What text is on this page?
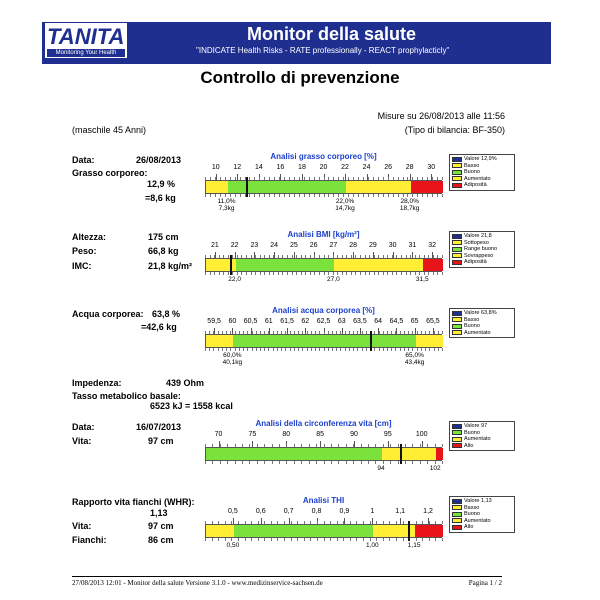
TANITA
Monitoring Your Health
Monitor della salute
"INDICATE Health Risks - RATE professionally - REACT prophylacticly"
Controllo di prevenzione
Misure su 26/08/2013 alle 11:56
(Tipo di bilancia: BF-350)
(maschile 45 Anni)
Data:	26/08/2013
Grasso corporeo:
12,9 %
=8,6 kg
Valore 12,9%
Basso
Buono
Aumentato
Adiposità
Altezza:	175 cm
Peso:	66,8 kg
IMC:	21,8 kg/m²
Valore 21,8
Sottopeso
Range buono
Sovrappeso
Adiposità
Acqua corporea: 63,8 %
=42,6 kg
Valore 63,8%
Basso
Buono
Aumentato
Impedenza:	439 Ohm
Tasso metabolico basale:
6523 kJ = 1558 kcal
Data:	16/07/2013
Vita:	97 cm
Valore 97
Buono
Aumentato
Alto
Rapporto vita fianchi (WHR):
1,13
Vita:	97 cm
Fianchi:	86 cm
Valore 1,13
Basso
Buono
Aumentato
Alto
27/08/2013 12:01 - Monitor della salute Versione 3.1.0 - www.medizinservice-sachsen.de	Pagina 1 / 2
Analisi grasso corporeo [%]
10	12	14	16	18	20	22	24	26	28	30
11,0%
7,3kg
22,0%
14,7kg
28,0%
18,7kg
Analisi BMI [kg/m²]
21	22	23	24	25	26	27	28	29	30	31	32
22,0	27,0	31,5
Analisi acqua corporea [%]
59,5	60	60,5	61	61,5	62	62,5	63	63,5	64	64,5	65	65,5
60,0%
40,1kg
65,0%
43,4kg
Analisi della circonferenza vita [cm]
70	75	80	85	90	95	100
94	102
Analisi THI
0,5	0,6	0,7	0,8	0,9	1	1,1	1,2
0,50	1,00	1,15
